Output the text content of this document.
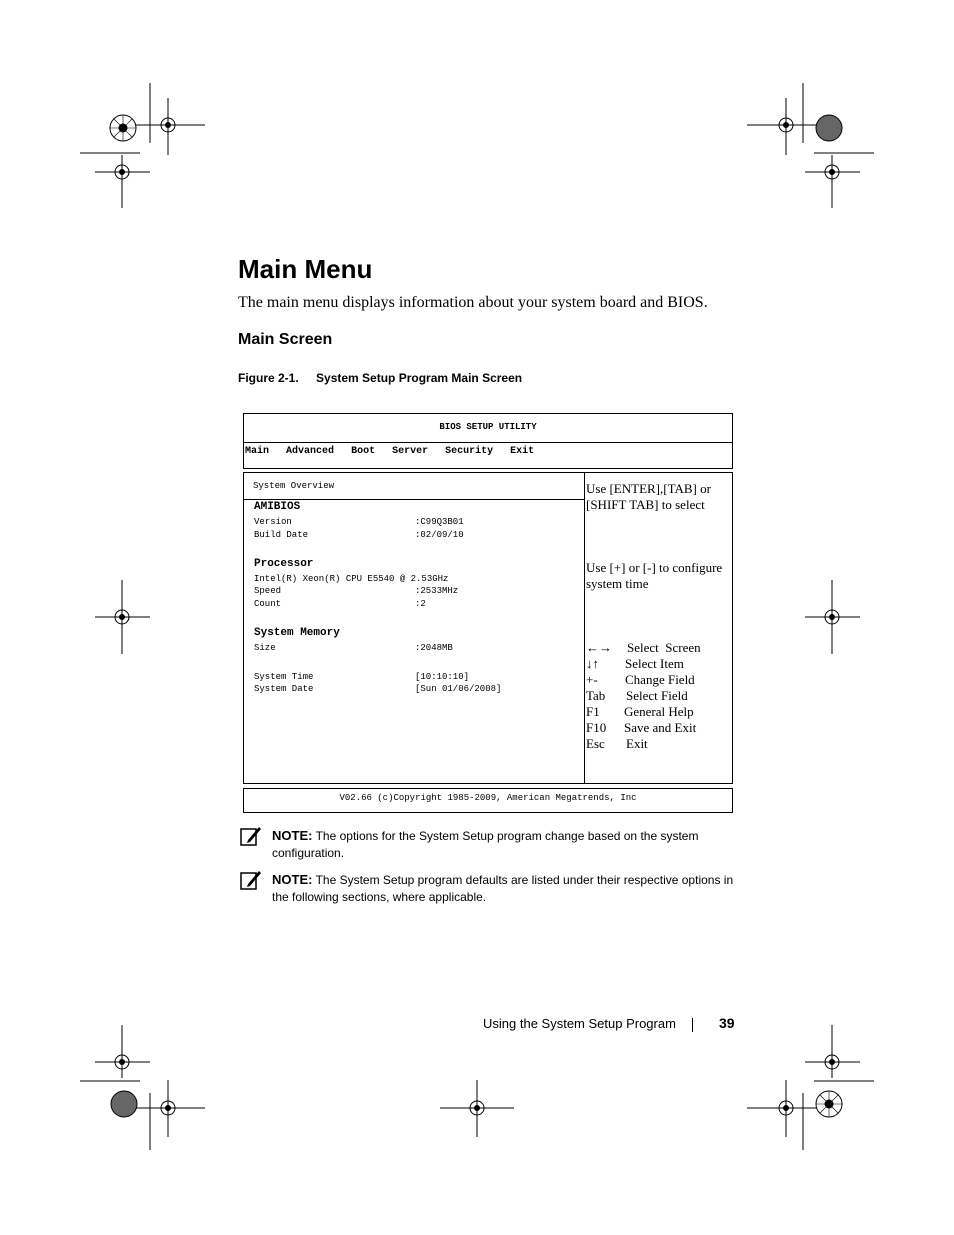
Main Menu
The main menu displays information about your system board and BIOS.
Main Screen
Figure 2-1. System Setup Program Main Screen
BIOS SETUP UTILITY
Main Advanced Boot Server Security Exit
System Overview
AMIBIOS
Version	:C99Q3B01
Build Date	:02/09/10
Processor
Intel(R) Xeon(R) CPU E5540 @ 2.53GHz
Speed	:2533MHz
Count	:2
System Memory
Size	:2048MB
System Time	[10:10:10]
System Date	[Sun 01/06/2008]
Use [ENTER],[TAB] or [SHIFT TAB] to select
Use [+] or [-] to configure system time
←→ Select  Screen
↓↑ Select Item
+- Change Field
Tab Select Field
F1 General Help
F10 Save and Exit
Esc Exit
V02.66 (c)Copyright 1985-2009, American Megatrends, Inc
NOTE: The options for the System Setup program change based on the system configuration.
NOTE: The System Setup program defaults are listed under their respective options in the following sections, where applicable.
Using the System Setup Program	39
